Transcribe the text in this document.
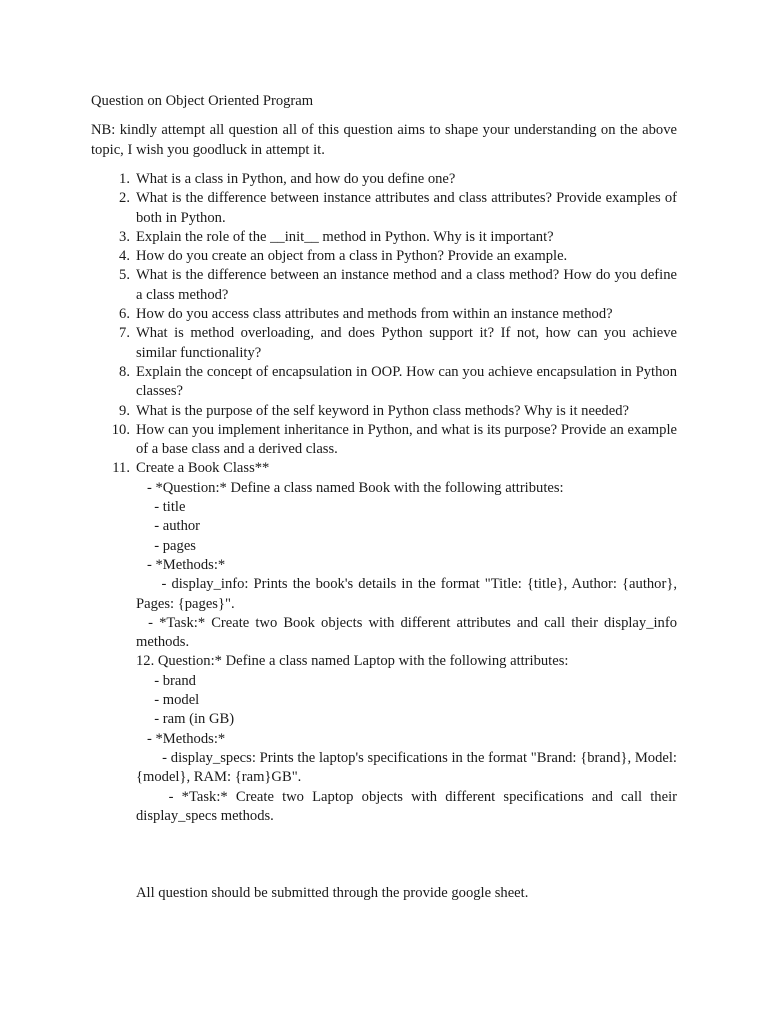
Question on Object Oriented Program
NB: kindly attempt all question all of this question aims to shape your understanding on the above topic, I wish you goodluck in attempt it.
1. What is a class in Python, and how do you define one?
2. What is the difference between instance attributes and class attributes? Provide examples of both in Python.
3. Explain the role of the __init__ method in Python. Why is it important?
4. How do you create an object from a class in Python? Provide an example.
5. What is the difference between an instance method and a class method? How do you define a class method?
6. How do you access class attributes and methods from within an instance method?
7. What is method overloading, and does Python support it? If not, how can you achieve similar functionality?
8. Explain the concept of encapsulation in OOP. How can you achieve encapsulation in Python classes?
9. What is the purpose of the self keyword in Python class methods? Why is it needed?
10. How can you implement inheritance in Python, and what is its purpose? Provide an example of a base class and a derived class.
11. Create a Book Class**
- *Question:* Define a class named Book with the following attributes:
- title
- author
- pages
- *Methods:*
- display_info: Prints the book's details in the format "Title: {title}, Author: {author}, Pages: {pages}".
- *Task:* Create two Book objects with different attributes and call their display_info methods.
12. Question:* Define a class named Laptop with the following attributes:
- brand
- model
- ram (in GB)
- *Methods:*
- display_specs: Prints the laptop's specifications in the format "Brand: {brand}, Model: {model}, RAM: {ram}GB".
- *Task:* Create two Laptop objects with different specifications and call their display_specs methods.
All question should be submitted through the provide google sheet.
